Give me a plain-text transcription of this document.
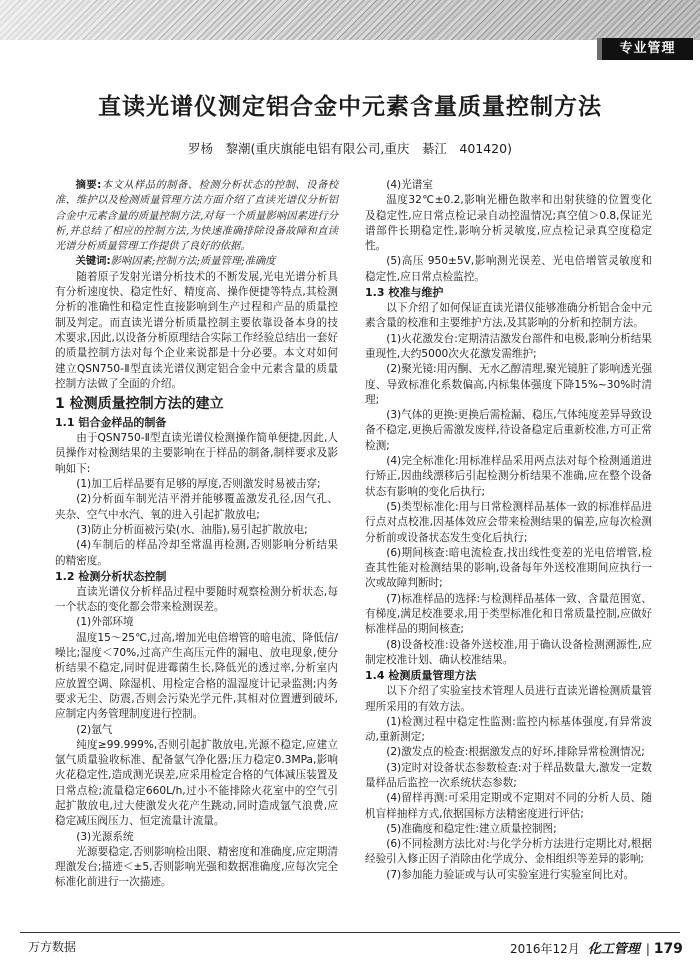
专业管理
直读光谱仪测定铝合金中元素含量质量控制方法
罗杨　黎潮(重庆旗能电铝有限公司,重庆　綦江　401420)

摘要:本文从样品的制备、检测分析状态的控制、设备校准、维护以及检测质量管理方法方面介绍了直读光谱仪分析铝合金中元素含量的质量控制方法,对每一个质量影响因素进行分析,并总结了相应的控制方法,为快速准确排除设备故障和直读光谱分析质量管理工作提供了良好的依据。

关键词:影响因素;控制方法;质量管理;准确度

随着原子发射光谱分析技术的不断发展,光电光谱分析具有分析速度快、稳定性好、精度高、操作便捷等特点,其检测分析的准确性和稳定性直接影响到生产过程和产品的质量控制及判定。而直读光谱分析质量控制主要依靠设备本身的技术要求,因此,以设备分析原理结合实际工作经验总结出一套好的质量控制方法对每个企业来说都是十分必要。本文对如何建立QSN750-Ⅱ型直读光谱仪测定铝合金中元素含量的质量控制方法做了全面的介绍。

1 检测质量控制方法的建立
1.1 铝合金样品的制备

由于QSN750-Ⅱ型直读光谱仪检测操作简单便捷,因此,人员操作对检测结果的主要影响在于样品的制备,制样要求及影响如下:

(1)加工后样品要有足够的厚度,否则激发时易被击穿;

(2)分析面车制光洁平滑并能够覆盖激发孔径,因气孔、夹杂、空气中水汽、氧的进入引起扩散放电;

(3)防止分析面被污染(水、油脂),易引起扩散放电;

(4)车制后的样品冷却至常温再检测,否则影响分析结果的精密度。

1.2 检测分析状态控制

直读光谱仪分析样品过程中要随时观察检测分析状态,每一个状态的变化都会带来检测误差。

(1)外部环境

温度15～25℃,过高,增加光电倍增管的暗电流、降低信/噪比;湿度＜70%,过高产生高压元件的漏电、放电现象,使分析结果不稳定,同时促进霉菌生长,降低光的透过率,分析室内应放置空调、除湿机、用检定合格的温湿度计记录监测;内务要求无尘、防震,否则会污染光学元件,其相对位置遭到破坏,应制定内务管理制度进行控制。

(2)氩气

纯度≥99.999%,否则引起扩散放电,光源不稳定,应建立氩气质量验收标准、配备氩气净化器;压力稳定0.3MPa,影响火花稳定性,造成测光误差,应采用检定合格的气体减压装置及日常点检;流量稳定660L/h,过小不能排除火花室中的空气引起扩散放电,过大使激发火花产生跳动,同时造成氩气浪费,应稳定减压阀压力、恒定流量计流量。

(3)光源系统

光源要稳定,否则影响检出限、精密度和准确度,应定期清理激发台;描迹＜±5,否则影响光强和数据准确度,应每次完全标准化前进行一次描迹。

(4)光谱室

温度32℃±0.2,影响光栅色散率和出射狭缝的位置变化及稳定性,应日常点检记录自动控温情况;真空值＞0.8,保证光谱部件长期稳定性,影响分析灵敏度,应点检记录真空度稳定性。

(5)高压 950±5V,影响测光误差、光电倍增管灵敏度和稳定性,应日常点检监控。

1.3 校准与维护

以下介绍了如何保证直读光谱仪能够准确分析铝合金中元素含量的校准和主要维护方法,及其影响的分析和控制方法。

(1)火花激发台:定期清洁激发台部件和电极,影响分析结果重现性,大约5000次火花激发需维护;

(2)聚光镜:用丙酮、无水乙醇清理,聚光镜脏了影响透光强度、导致标准化系数偏高,内标集体强度下降15%~30%时清理;

(3)气体的更换:更换后需检漏、稳压,气体纯度差异导致设备不稳定,更换后需激发废样,待设备稳定后重新校准,方可正常检测;

(4)完全标准化:用标准样品采用两点法对每个检测通道进行矫正,因曲线漂移后引起检测分析结果不准确,应在整个设备状态有影响的变化后执行;

(5)类型标准化:用与日常检测样品基体一致的标准样品进行点对点校准,因基体效应会带来检测结果的偏差,应每次检测分析前或设备状态发生变化后执行;

(6)期间核查:暗电流检查,找出线性变差的光电倍增管,检查其性能对检测结果的影响,设备每年外送校准期间应执行一次或故障判断时;

(7)标准样品的选择:与检测样品基体一致、含量范围宽、有梯度,满足校准要求,用于类型标准化和日常质量控制,应做好标准样品的期间核查;

(8)设备校准:设备外送校准,用于确认设备检测溯源性,应制定校准计划、确认校准结果。

1.4 检测质量管理方法

以下介绍了实验室技术管理人员进行直读光谱检测质量管理所采用的有效方法。

(1)检测过程中稳定性监测:监控内标基体强度,有异常波动,重新测定;

(2)激发点的检查:根据激发点的好坏,排除异常检测情况;

(3)定时对设备状态参数检查:对于样品数量大,激发一定数量样品后监控一次系统状态参数;

(4)留样再测:可采用定期或不定期对不同的分析人员、随机盲样抽样方式,依据国标方法精密度进行评估;

(5)准确度和稳定性:建立质量控制图;

(6)不同检测方法比对:与化学分析方法进行定期比对,根据经验引入修正因子消除由化学成分、金相组织等差异的影响;

(7)参加能力验证或与认可实验室进行实验室间比对。

万方数据	2016年12月 化工管理 | 179
